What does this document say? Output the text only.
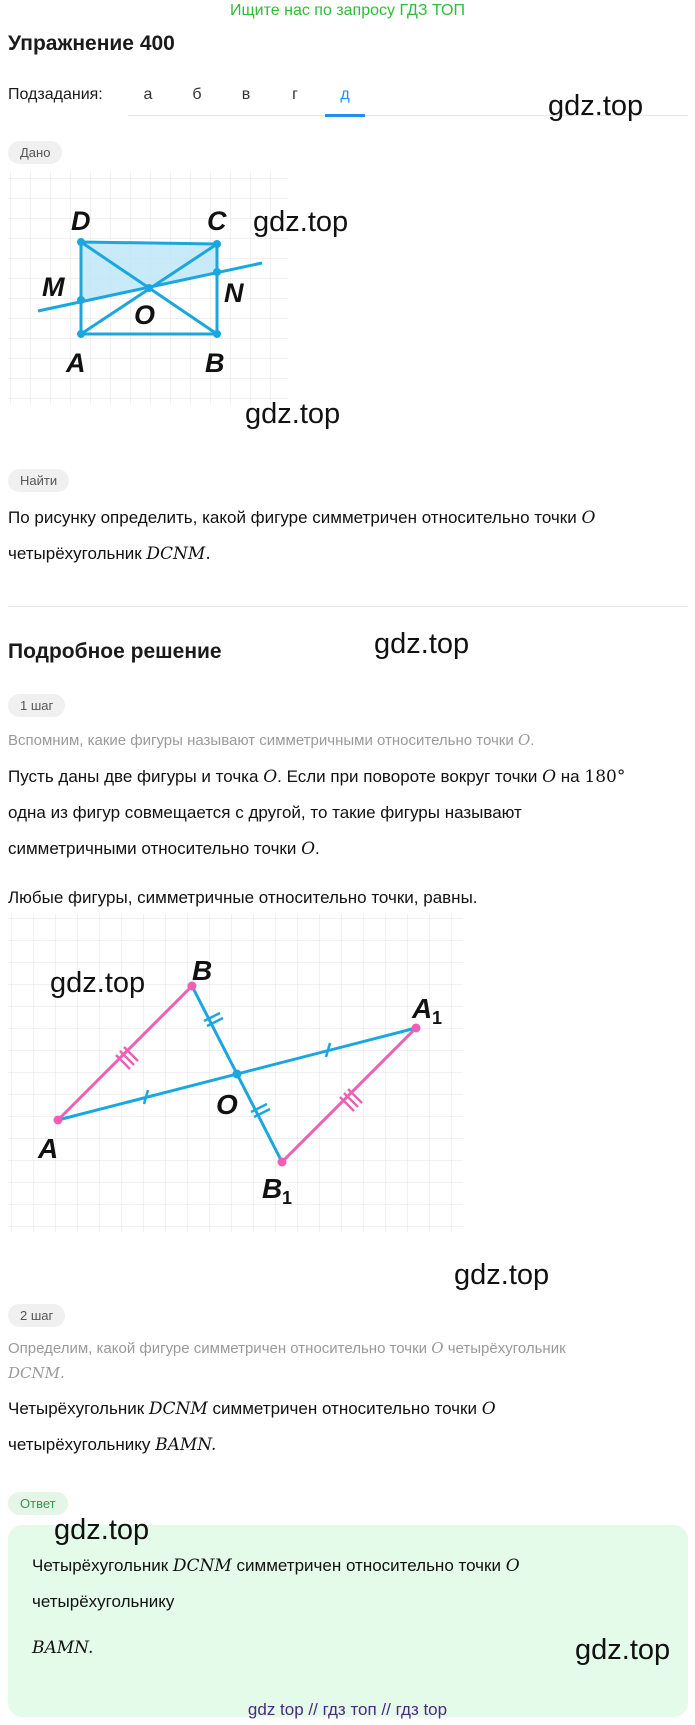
Ищите нас по запросу ГДЗ ТОП
Упражнение 400
Подзадания:	а	б	в	г	д	gdz.top
Дано
D	C
M	N
O
A	B
gdz.top
gdz.top
Найти
По рисунку определить, какой фигуре симметричен относительно точки O
четырёхугольник DCNM.
Подробное решение	gdz.top
1 шаг
Вспомним, какие фигуры называют симметричными относительно точки O.
Пусть даны две фигуры и точка O. Если при повороте вокруг точки O на 180°
одна из фигур совмещается с другой, то такие фигуры называют
симметричными относительно точки O.
Любые фигуры, симметричные относительно точки, равны.
A
B
O
A 1
B 1
gdz.top
gdz.top
2 шаг
Определим, какой фигуре симметричен относительно точки O четырёхугольник
DCNM.
Четырёхугольник DCNM симметричен относительно точки O
четырёхугольнику BAMN.
Ответ
Четырёхугольник DCNM симметричен относительно точки O
четырёхугольнику
BAMN.
gdz.top
gdz.top
gdz top // гдз топ // гдз top
